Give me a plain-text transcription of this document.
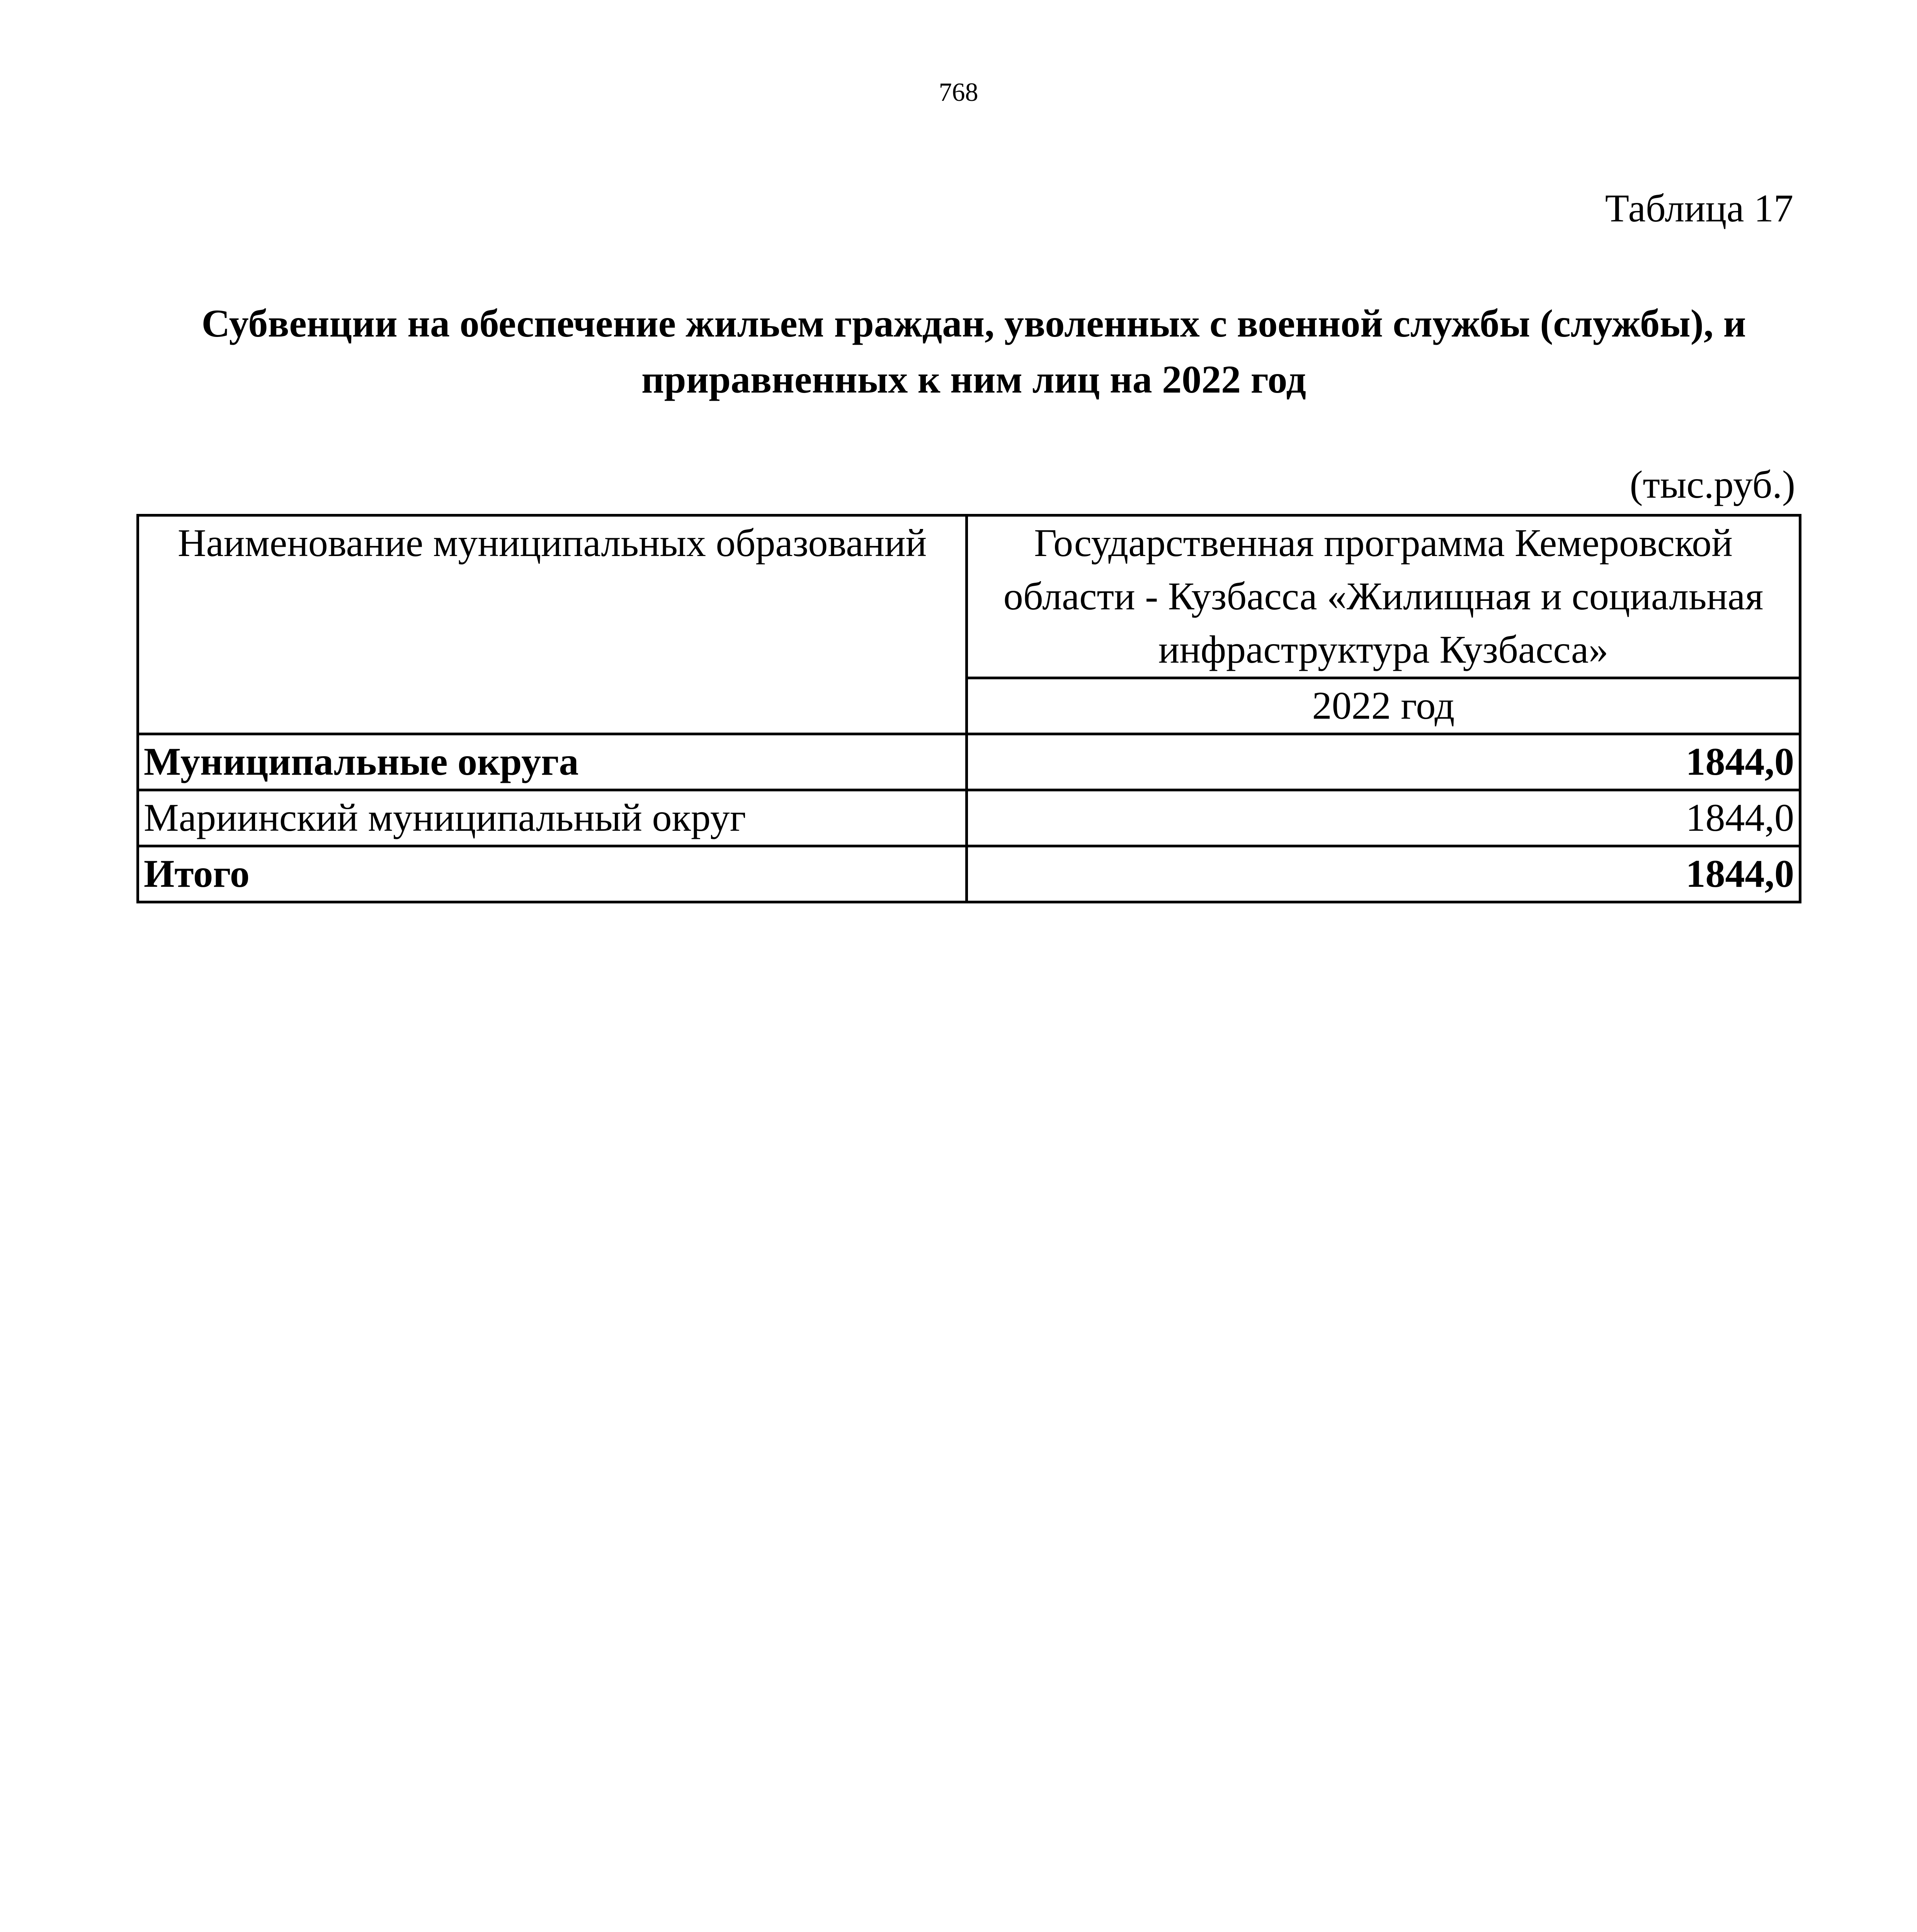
768
Таблица 17
Субвенции на обеспечение жильем граждан, уволенных с военной службы (службы), и
приравненных к ним лиц на 2022 год
(тыс.руб.)
Наименование муниципальных образований	Государственная программа Кемеровской области - Кузбасса «Жилищная и социальная инфраструктура Кузбасса»
	2022 год
Муниципальные округа	1844,0
Мариинский муниципальный округ	1844,0
Итого	1844,0
